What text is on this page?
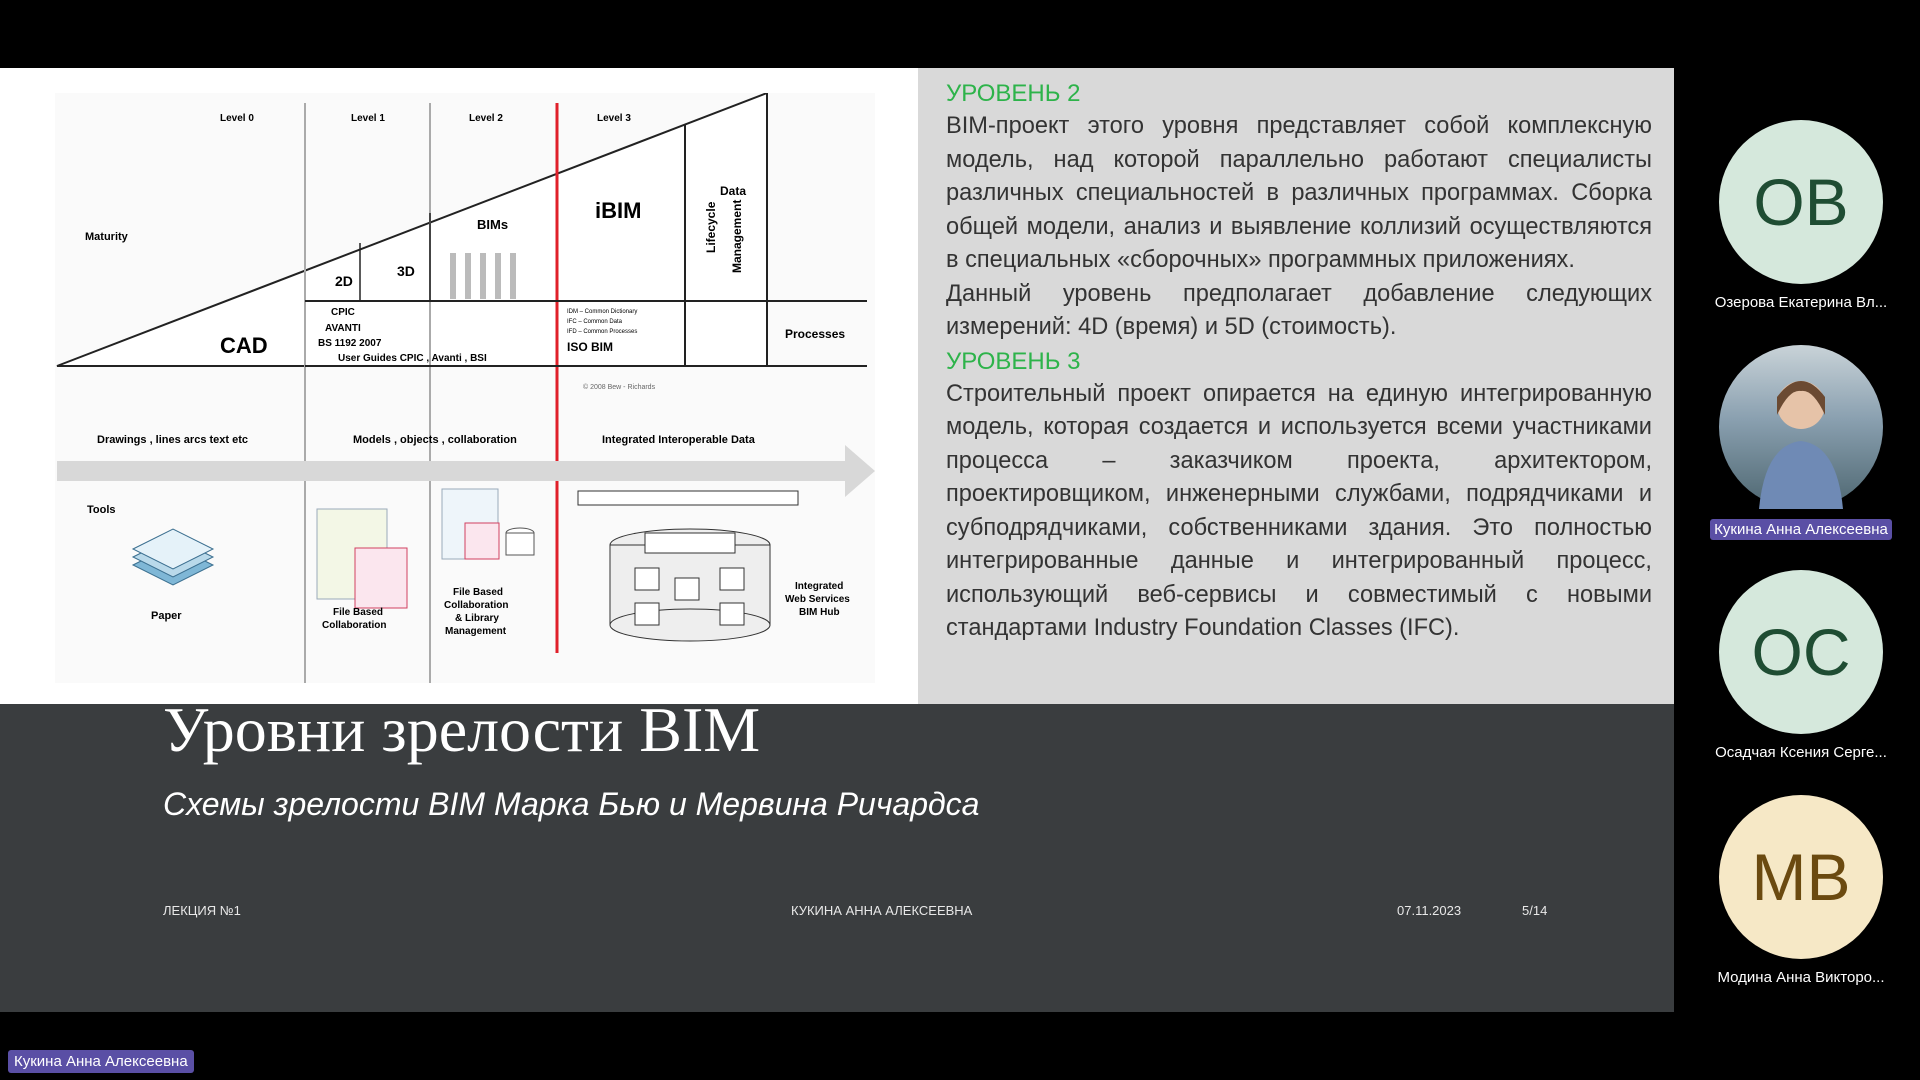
Level 0	Level 1	Level 2	Level 3
Maturity
CAD
2D
3D
BIMs
iBIM
Data
Processes
Lifecycle Management
CPIC
AVANTI
BS 1192 2007
User Guides CPIC , Avanti , BSI
IDM – Common Dictionary
IFC – Common Data
IFD – Common Processes
ISO BIM
© 2008 Bew - Richards
Drawings , lines arcs text etc	Models , objects , collaboration	Integrated Interoperable Data
Tools
Paper	File Based
Collaboration
File Based
Collaboration
& Library
Management
Integrated
Web Services
BIM Hub
УРОВЕНЬ 2

BIM-проект этого уровня представляет собой комплексную модель, над которой параллельно работают специалисты различных специальностей в различных программах. Сборка общей модели, анализ и выявление коллизий осуществляются в специальных «сборочных» программных приложениях.

Данный уровень предполагает добавление следующих измерений: 4D (время) и 5D (стоимость).

УРОВЕНЬ 3

Строительный проект опирается на единую интегрированную модель, которая создается и используется всеми участниками процесса – заказчиком проекта, архитектором, проектировщиком, инженерными службами, подрядчиками и субподрядчиками, собственниками здания. Это полностью интегрированные данные и интегрированный процесс, использующий веб-сервисы и совместимый с новыми стандартами Industry Foundation Classes (IFC).

Уровни зрелости BIM
Схемы зрелости BIM Марка Бью и Мервина Ричардса
ЛЕКЦИЯ №1	КУКИНА АННА АЛЕКСЕЕВНА	07.11.2023	5/14
OB
Озерова Екатерина Вл...
Кукина Анна Алексеевна
OC
Осадчая Ксения Серге...
MB
Модина Анна Викторо...
Кукина Анна Алексеевна
